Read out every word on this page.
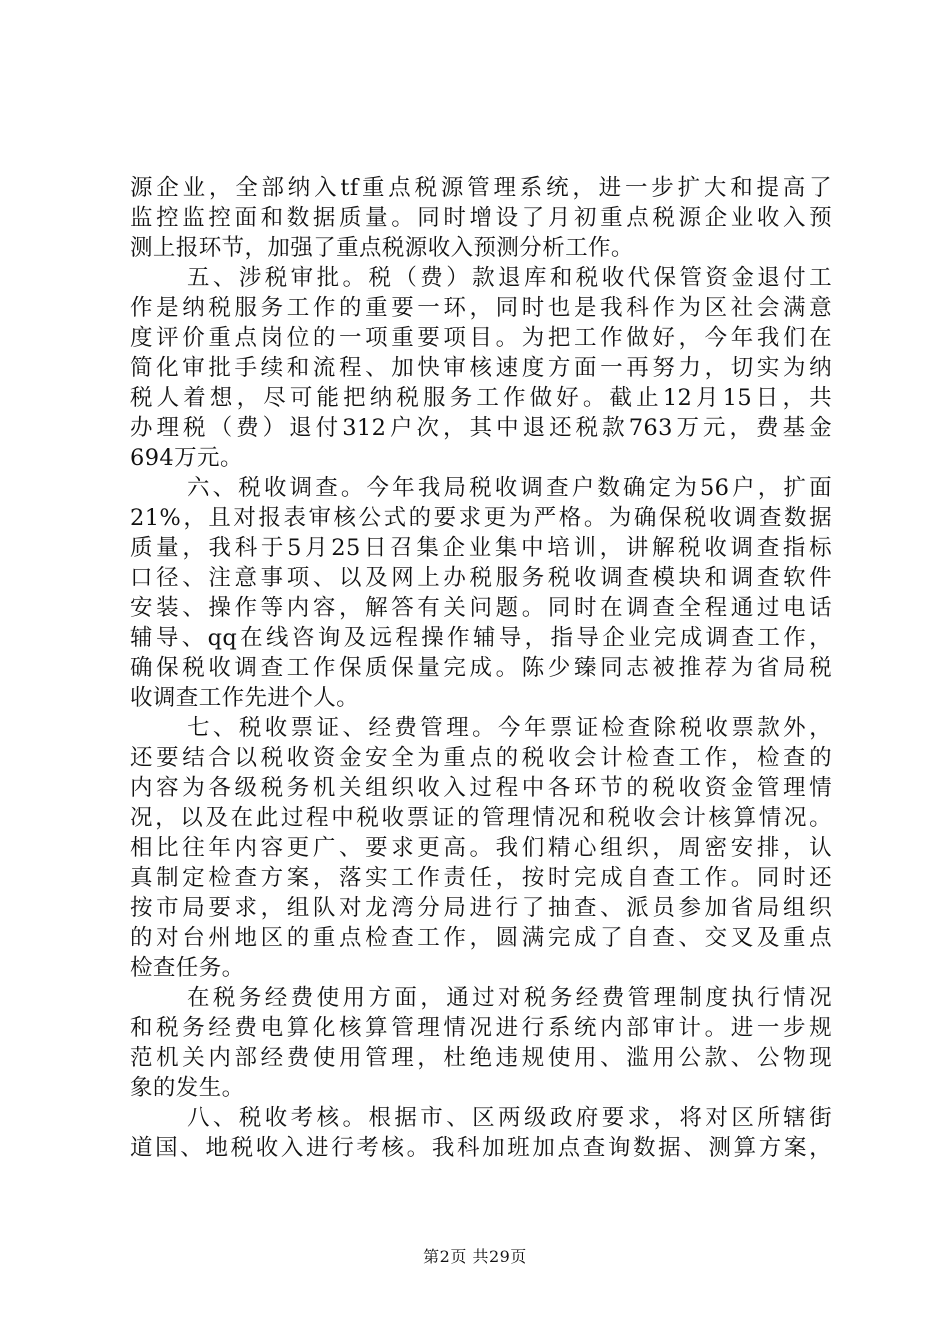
源企业，全部纳入tf重点税源管理系统，进一步扩大和提高了
监控监控面和数据质量。同时增设了月初重点税源企业收入预
测上报环节，加强了重点税源收入预测分析工作。
五、涉税审批。税（费）款退库和税收代保管资金退付工
作是纳税服务工作的重要一环，同时也是我科作为区社会满意
度评价重点岗位的一项重要项目。为把工作做好，今年我们在
简化审批手续和流程、加快审核速度方面一再努力，切实为纳
税人着想，尽可能把纳税服务工作做好。截止12月15日，共
办理税（费）退付312户次，其中退还税款763万元，费基金
694万元。
六、税收调查。今年我局税收调查户数确定为56户，扩面
21%，且对报表审核公式的要求更为严格。为确保税收调查数据
质量，我科于5月25日召集企业集中培训，讲解税收调查指标
口径、注意事项、以及网上办税服务税收调查模块和调查软件
安装、操作等内容，解答有关问题。同时在调查全程通过电话
辅导、qq在线咨询及远程操作辅导，指导企业完成调查工作，
确保税收调查工作保质保量完成。陈少臻同志被推荐为省局税
收调查工作先进个人。
七、税收票证、经费管理。今年票证检查除税收票款外，
还要结合以税收资金安全为重点的税收会计检查工作，检查的
内容为各级税务机关组织收入过程中各环节的税收资金管理情
况，以及在此过程中税收票证的管理情况和税收会计核算情况。
相比往年内容更广、要求更高。我们精心组织，周密安排，认
真制定检查方案，落实工作责任，按时完成自查工作。同时还
按市局要求，组队对龙湾分局进行了抽查、派员参加省局组织
的对台州地区的重点检查工作，圆满完成了自查、交叉及重点
检查任务。
在税务经费使用方面，通过对税务经费管理制度执行情况
和税务经费电算化核算管理情况进行系统内部审计。进一步规
范机关内部经费使用管理，杜绝违规使用、滥用公款、公物现
象的发生。
八、税收考核。根据市、区两级政府要求，将对区所辖街
道国、地税收入进行考核。我科加班加点查询数据、测算方案，
第2页 共29页
